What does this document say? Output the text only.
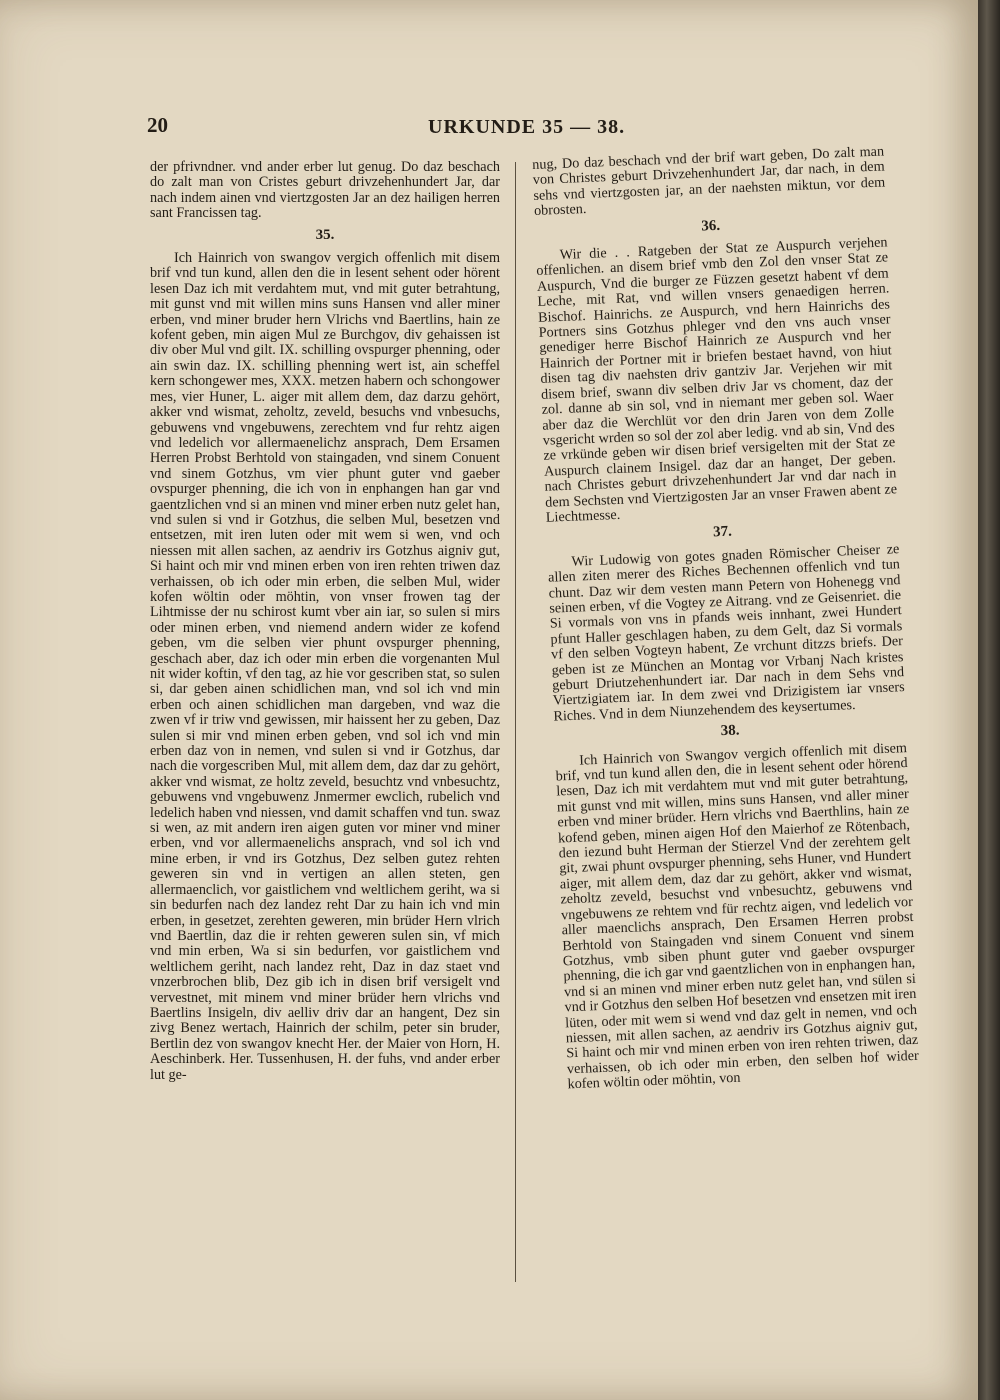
20	URKUNDE 35 — 38.

der pfrivndner. vnd ander erber lut genug. Do daz beschach do zalt man von Cristes geburt drivzehenhundert Jar, dar nach indem ainen vnd viertzgosten Jar an dez hailigen herren sant Francissen tag.

35.

Ich Hainrich von swangov vergich offenlich mit disem brif vnd tun kund, allen den die in lesent sehent oder hörent lesen Daz ich mit verdahtem mut, vnd mit guter betrahtung, mit gunst vnd mit willen mins suns Hansen vnd aller miner erben, vnd miner bruder hern Vlrichs vnd Baertlins, hain ze kofent geben, min aigen Mul ze Burchgov, div gehaissen ist div ober Mul vnd gilt. IX. schilling ovspurger phenning, oder ain swin daz. IX. schilling phenning wert ist, ain scheffel kern schongewer mes, XXX. metzen habern och schongower mes, vier Huner, L. aiger mit allem dem, daz darzu gehört, akker vnd wismat, zeholtz, zeveld, besuchs vnd vnbesuchs, gebuwens vnd vngebuwens, zerechtem vnd fur rehtz aigen vnd ledelich vor allermaenelichz ansprach, Dem Ersamen Herren Probst Berhtold von staingaden, vnd sinem Conuent vnd sinem Gotzhus, vm vier phunt guter vnd gaeber ovspurger phenning, die ich von in enphangen han gar vnd gaentzlichen vnd si an minen vnd miner erben nutz gelet han, vnd sulen si vnd ir Gotzhus, die selben Mul, besetzen vnd entsetzen, mit iren luten oder mit wem si wen, vnd och niessen mit allen sachen, az aendriv irs Gotzhus aigniv gut, Si haint och mir vnd minen erben von iren rehten triwen daz verhaissen, ob ich oder min erben, die selben Mul, wider kofen wöltin oder möhtin, von vnser frowen tag der Lihtmisse der nu schirost kumt vber ain iar, so sulen si mirs oder minen erben, vnd niemend andern wider ze kofend geben, vm die selben vier phunt ovspurger phenning, geschach aber, daz ich oder min erben die vorgenanten Mul nit wider koftin, vf den tag, az hie vor gescriben stat, so sulen si, dar geben ainen schidlichen man, vnd sol ich vnd min erben och ainen schidlichen man dargeben, vnd waz die zwen vf ir triw vnd gewissen, mir haissent her zu geben, Daz sulen si mir vnd minen erben geben, vnd sol ich vnd min erben daz von in nemen, vnd sulen si vnd ir Gotzhus, dar nach die vorgescriben Mul, mit allem dem, daz dar zu gehört, akker vnd wismat, ze holtz zeveld, besuchtz vnd vnbesuchtz, gebuwens vnd vngebuwenz Jnmermer ewclich, rubelich vnd ledelich haben vnd niessen, vnd damit schaffen vnd tun. swaz si wen, az mit andern iren aigen guten vor miner vnd miner erben, vnd vor allermaenelichs ansprach, vnd sol ich vnd mine erben, ir vnd irs Gotzhus, Dez selben gutez rehten geweren sin vnd in vertigen an allen steten, gen allermaenclich, vor gaistlichem vnd weltlichem geriht, wa si sin bedurfen nach dez landez reht Dar zu hain ich vnd min erben, in gesetzet, zerehten geweren, min brüder Hern vlrich vnd Baertlin, daz die ir rehten geweren sulen sin, vf mich vnd min erben, Wa si sin bedurfen, vor gaistlichem vnd weltlichem geriht, nach landez reht, Daz in daz staet vnd vnzerbrochen blib, Dez gib ich in disen brif versigelt vnd vervestnet, mit minem vnd miner brüder hern vlrichs vnd Baertlins Insigeln, div aelliv driv dar an hangent, Dez sin zivg Benez wertach, Hainrich der schilm, peter sin bruder, Bertlin dez von swangov knecht Her. der Maier von Horn, H. Aeschinberk. Her. Tussenhusen, H. der fuhs, vnd ander erber lut ge-

nug, Do daz beschach vnd der brif wart geben, Do zalt man von Christes geburt Drivzehenhundert Jar, dar nach, in dem sehs vnd viertzgosten jar, an der naehsten miktun, vor dem obrosten.

36.

Wir die . . Ratgeben der Stat ze Auspurch verjehen offenlichen. an disem brief vmb den Zol den vnser Stat ze Auspurch, Vnd die burger ze Füzzen gesetzt habent vf dem Leche, mit Rat, vnd willen vnsers genaedigen herren. Bischof. Hainrichs. ze Auspurch, vnd hern Hainrichs des Portners sins Gotzhus phleger vnd den vns auch vnser genediger herre Bischof Hainrich ze Auspurch vnd her Hainrich der Portner mit ir briefen bestaet havnd, von hiut disen tag div naehsten driv gantziv Jar. Verjehen wir mit disem brief, swann div selben driv Jar vs choment, daz der zol. danne ab sin sol, vnd in niemant mer geben sol. Waer aber daz die Werchlüt vor den drin Jaren von dem Zolle vsgericht wrden so sol der zol aber ledig. vnd ab sin, Vnd des ze vrkünde geben wir disen brief versigelten mit der Stat ze Auspurch clainem Insigel. daz dar an hanget, Der geben. nach Christes geburt drivzehenhundert Jar vnd dar nach in dem Sechsten vnd Viertzigosten Jar an vnser Frawen abent ze Liechtmesse.

37.

Wir Ludowig von gotes gnaden Römischer Cheiser ze allen ziten merer des Riches Bechennen offenlich vnd tun chunt. Daz wir dem vesten mann Petern von Hohenegg vnd seinen erben, vf die Vogtey ze Aitrang. vnd ze Geisenriet. die Si vormals von vns in pfands weis innhant, zwei Hundert pfunt Haller geschlagen haben, zu dem Gelt, daz Si vormals vf den selben Vogteyn habent, Ze vrchunt ditzzs briefs. Der geben ist ze München an Montag vor Vrbanj Nach kristes geburt Driutzehenhundert iar. Dar nach in dem Sehs vnd Viertzigiatem iar. In dem zwei vnd Drizigistem iar vnsers Riches. Vnd in dem Niunzehendem des keysertumes.

38.

Ich Hainrich von Swangov vergich offenlich mit disem brif, vnd tun kund allen den, die in lesent sehent oder hörend lesen, Daz ich mit verdahtem mut vnd mit guter betrahtung, mit gunst vnd mit willen, mins suns Hansen, vnd aller miner erben vnd miner brüder. Hern vlrichs vnd Baerthlins, hain ze kofend geben, minen aigen Hof den Maierhof ze Rötenbach, den iezund buht Herman der Stierzel Vnd der zerehtem gelt git, zwai phunt ovspurger phenning, sehs Huner, vnd Hundert aiger, mit allem dem, daz dar zu gehört, akker vnd wismat, zeholtz zeveld, besuchst vnd vnbesuchtz, gebuwens vnd vngebuwens ze rehtem vnd für rechtz aigen, vnd ledelich vor aller maenclichs ansprach, Den Ersamen Herren probst Berhtold von Staingaden vnd sinem Conuent vnd sinem Gotzhus, vmb siben phunt guter vnd gaeber ovspurger phenning, die ich gar vnd gaentzlichen von in enphangen han, vnd si an minen vnd miner erben nutz gelet han, vnd sülen si vnd ir Gotzhus den selben Hof besetzen vnd ensetzen mit iren lüten, oder mit wem si wend vnd daz gelt in nemen, vnd och niessen, mit allen sachen, az aendriv irs Gotzhus aigniv gut, Si haint och mir vnd minen erben von iren rehten triwen, daz verhaissen, ob ich oder min erben, den selben hof wider kofen wöltin oder möhtin, von
